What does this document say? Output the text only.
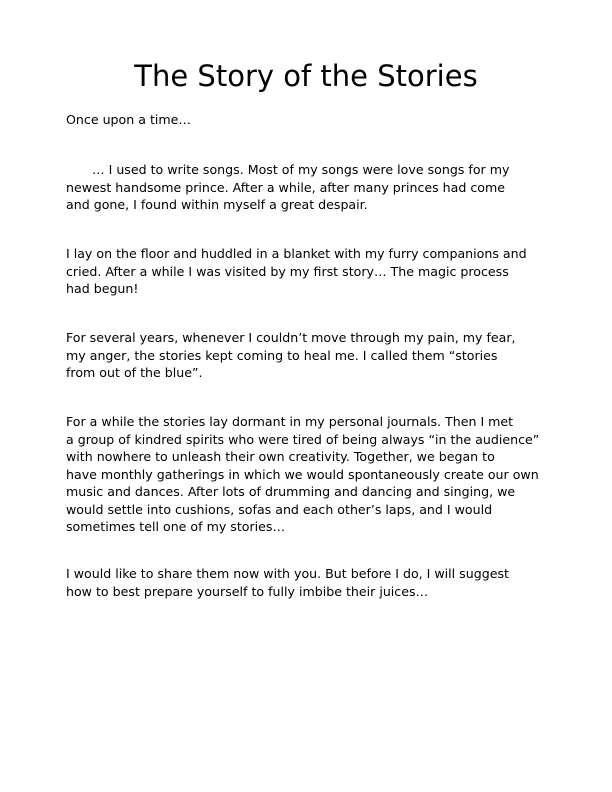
The Story of the Stories

Once upon a time…

… I used to write songs. Most of my songs were love songs for my
newest handsome prince. After a while, after many princes had come
and gone, I found within myself a great despair.

I lay on the floor and huddled in a blanket with my furry companions and
cried. After a while I was visited by my first story… The magic process
had begun!

For several years, whenever I couldn’t move through my pain, my fear,
my anger, the stories kept coming to heal me. I called them “stories
from out of the blue”.

For a while the stories lay dormant in my personal journals. Then I met
a group of kindred spirits who were tired of being always “in the audience”
with nowhere to unleash their own creativity. Together, we began to
have monthly gatherings in which we would spontaneously create our own
music and dances. After lots of drumming and dancing and singing, we
would settle into cushions, sofas and each other’s laps, and I would
sometimes tell one of my stories…

I would like to share them now with you. But before I do, I will suggest
how to best prepare yourself to fully imbibe their juices…
